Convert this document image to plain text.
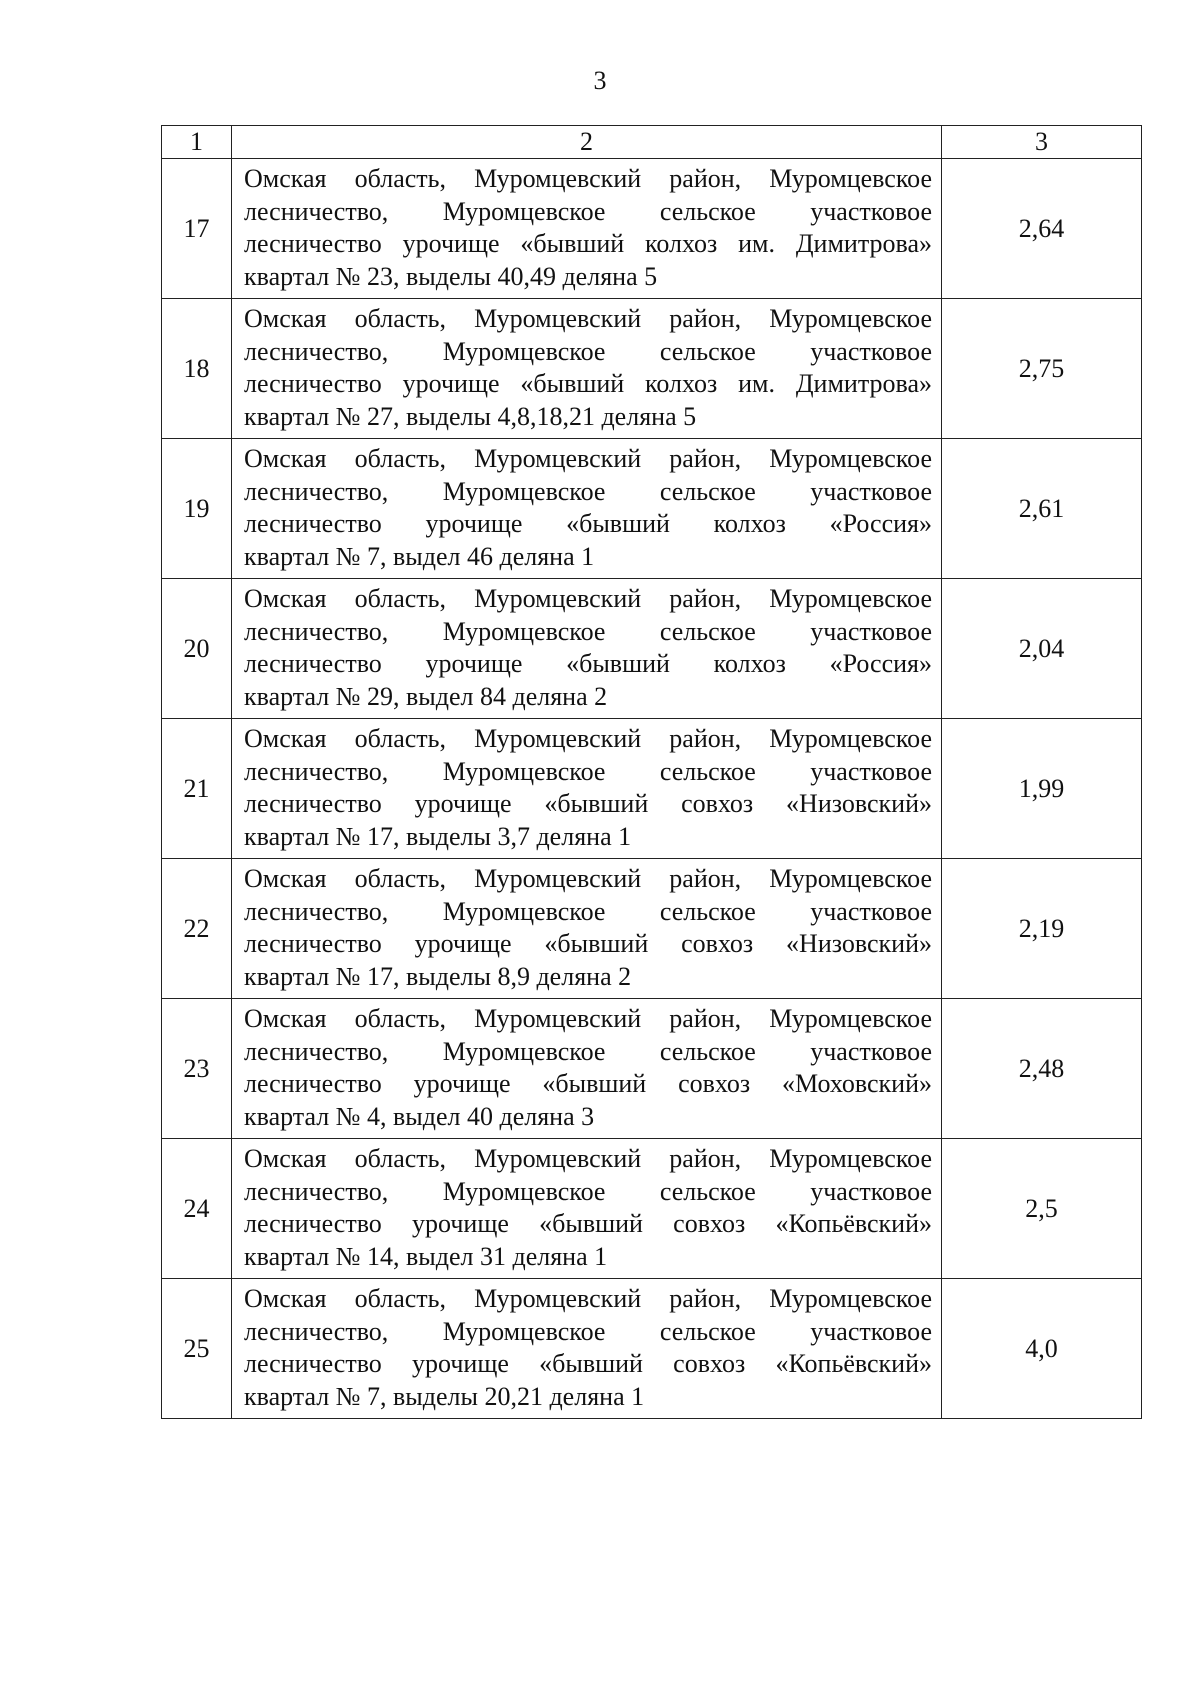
3
1	2	3
17	Омская область, Муромцевский район, Муромцевское
лесничество, Муромцевское сельское участковое
лесничество урочище «бывший колхоз им. Димитрова»
квартал № 23, выделы 40,49 деляна 5	2,64
18	Омская область, Муромцевский район, Муромцевское
лесничество, Муромцевское сельское участковое
лесничество урочище «бывший колхоз им. Димитрова»
квартал № 27, выделы 4,8,18,21 деляна 5	2,75
19	Омская область, Муромцевский район, Муромцевское
лесничество, Муромцевское сельское участковое
лесничество урочище «бывший колхоз «Россия»
квартал № 7, выдел 46 деляна 1	2,61
20	Омская область, Муромцевский район, Муромцевское
лесничество, Муромцевское сельское участковое
лесничество урочище «бывший колхоз «Россия»
квартал № 29, выдел 84 деляна 2	2,04
21	Омская область, Муромцевский район, Муромцевское
лесничество, Муромцевское сельское участковое
лесничество урочище «бывший совхоз «Низовский»
квартал № 17, выделы 3,7 деляна 1	1,99
22	Омская область, Муромцевский район, Муромцевское
лесничество, Муромцевское сельское участковое
лесничество урочище «бывший совхоз «Низовский»
квартал № 17, выделы 8,9 деляна 2	2,19
23	Омская область, Муромцевский район, Муромцевское
лесничество, Муромцевское сельское участковое
лесничество урочище «бывший совхоз «Моховский»
квартал № 4, выдел 40 деляна 3	2,48
24	Омская область, Муромцевский район, Муромцевское
лесничество, Муромцевское сельское участковое
лесничество урочище «бывший совхоз «Копьёвский»
квартал № 14, выдел 31 деляна 1	2,5
25	Омская область, Муромцевский район, Муромцевское
лесничество, Муромцевское сельское участковое
лесничество урочище «бывший совхоз «Копьёвский»
квартал № 7, выделы 20,21 деляна 1	4,0
